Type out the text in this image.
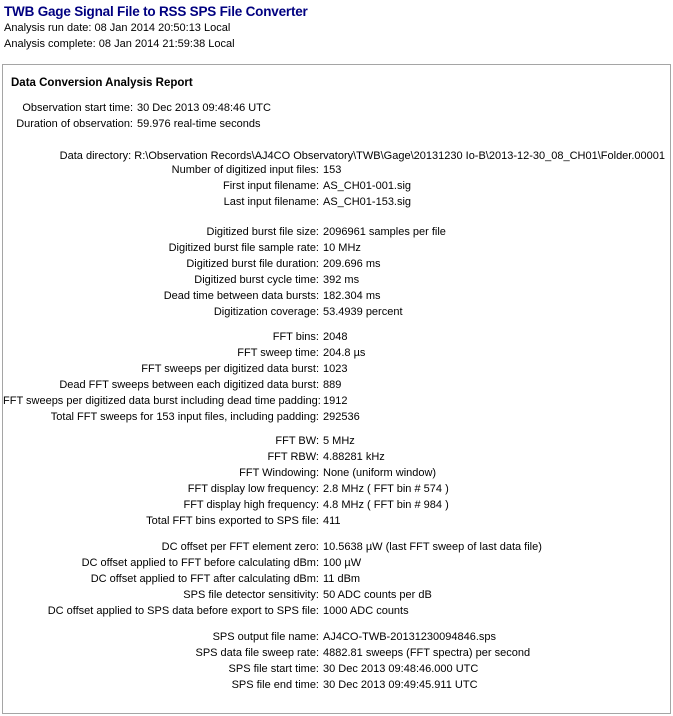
TWB Gage Signal File to RSS SPS File Converter
Analysis run date: 08 Jan 2014 20:50:13 Local
Analysis complete: 08 Jan 2014 21:59:38 Local
Data Conversion Analysis Report
Observation start time: 30 Dec 2013 09:48:46 UTC
Duration of observation: 59.976 real-time seconds
Data directory: R:\Observation Records\AJ4CO Observatory\TWB\Gage\20131230 Io-B\2013-12-30_08_CH01\Folder.00001
Number of digitized input files: 153
First input filename: AS_CH01-001.sig
Last input filename: AS_CH01-153.sig
Digitized burst file size: 2096961 samples per file
Digitized burst file sample rate: 10 MHz
Digitized burst file duration: 209.696 ms
Digitized burst cycle time: 392 ms
Dead time between data bursts: 182.304 ms
Digitization coverage: 53.4939 percent
FFT bins: 2048
FFT sweep time: 204.8 µs
FFT sweeps per digitized data burst: 1023
Dead FFT sweeps between each digitized data burst: 889
FFT sweeps per digitized data burst including dead time padding: 1912
Total FFT sweeps for 153 input files, including padding: 292536
FFT BW: 5 MHz
FFT RBW: 4.88281 kHz
FFT Windowing: None (uniform window)
FFT display low frequency: 2.8 MHz ( FFT bin # 574 )
FFT display high frequency: 4.8 MHz ( FFT bin # 984 )
Total FFT bins exported to SPS file: 411
DC offset per FFT element zero: 10.5638 µW (last FFT sweep of last data file)
DC offset applied to FFT before calculating dBm: 100 µW
DC offset applied to FFT after calculating dBm: 11 dBm
SPS file detector sensitivity: 50 ADC counts per dB
DC offset applied to SPS data before export to SPS file: 1000 ADC counts
SPS output file name: AJ4CO-TWB-20131230094846.sps
SPS data file sweep rate: 4882.81 sweeps (FFT spectra) per second
SPS file start time: 30 Dec 2013 09:48:46.000 UTC
SPS file end time: 30 Dec 2013 09:49:45.911 UTC
